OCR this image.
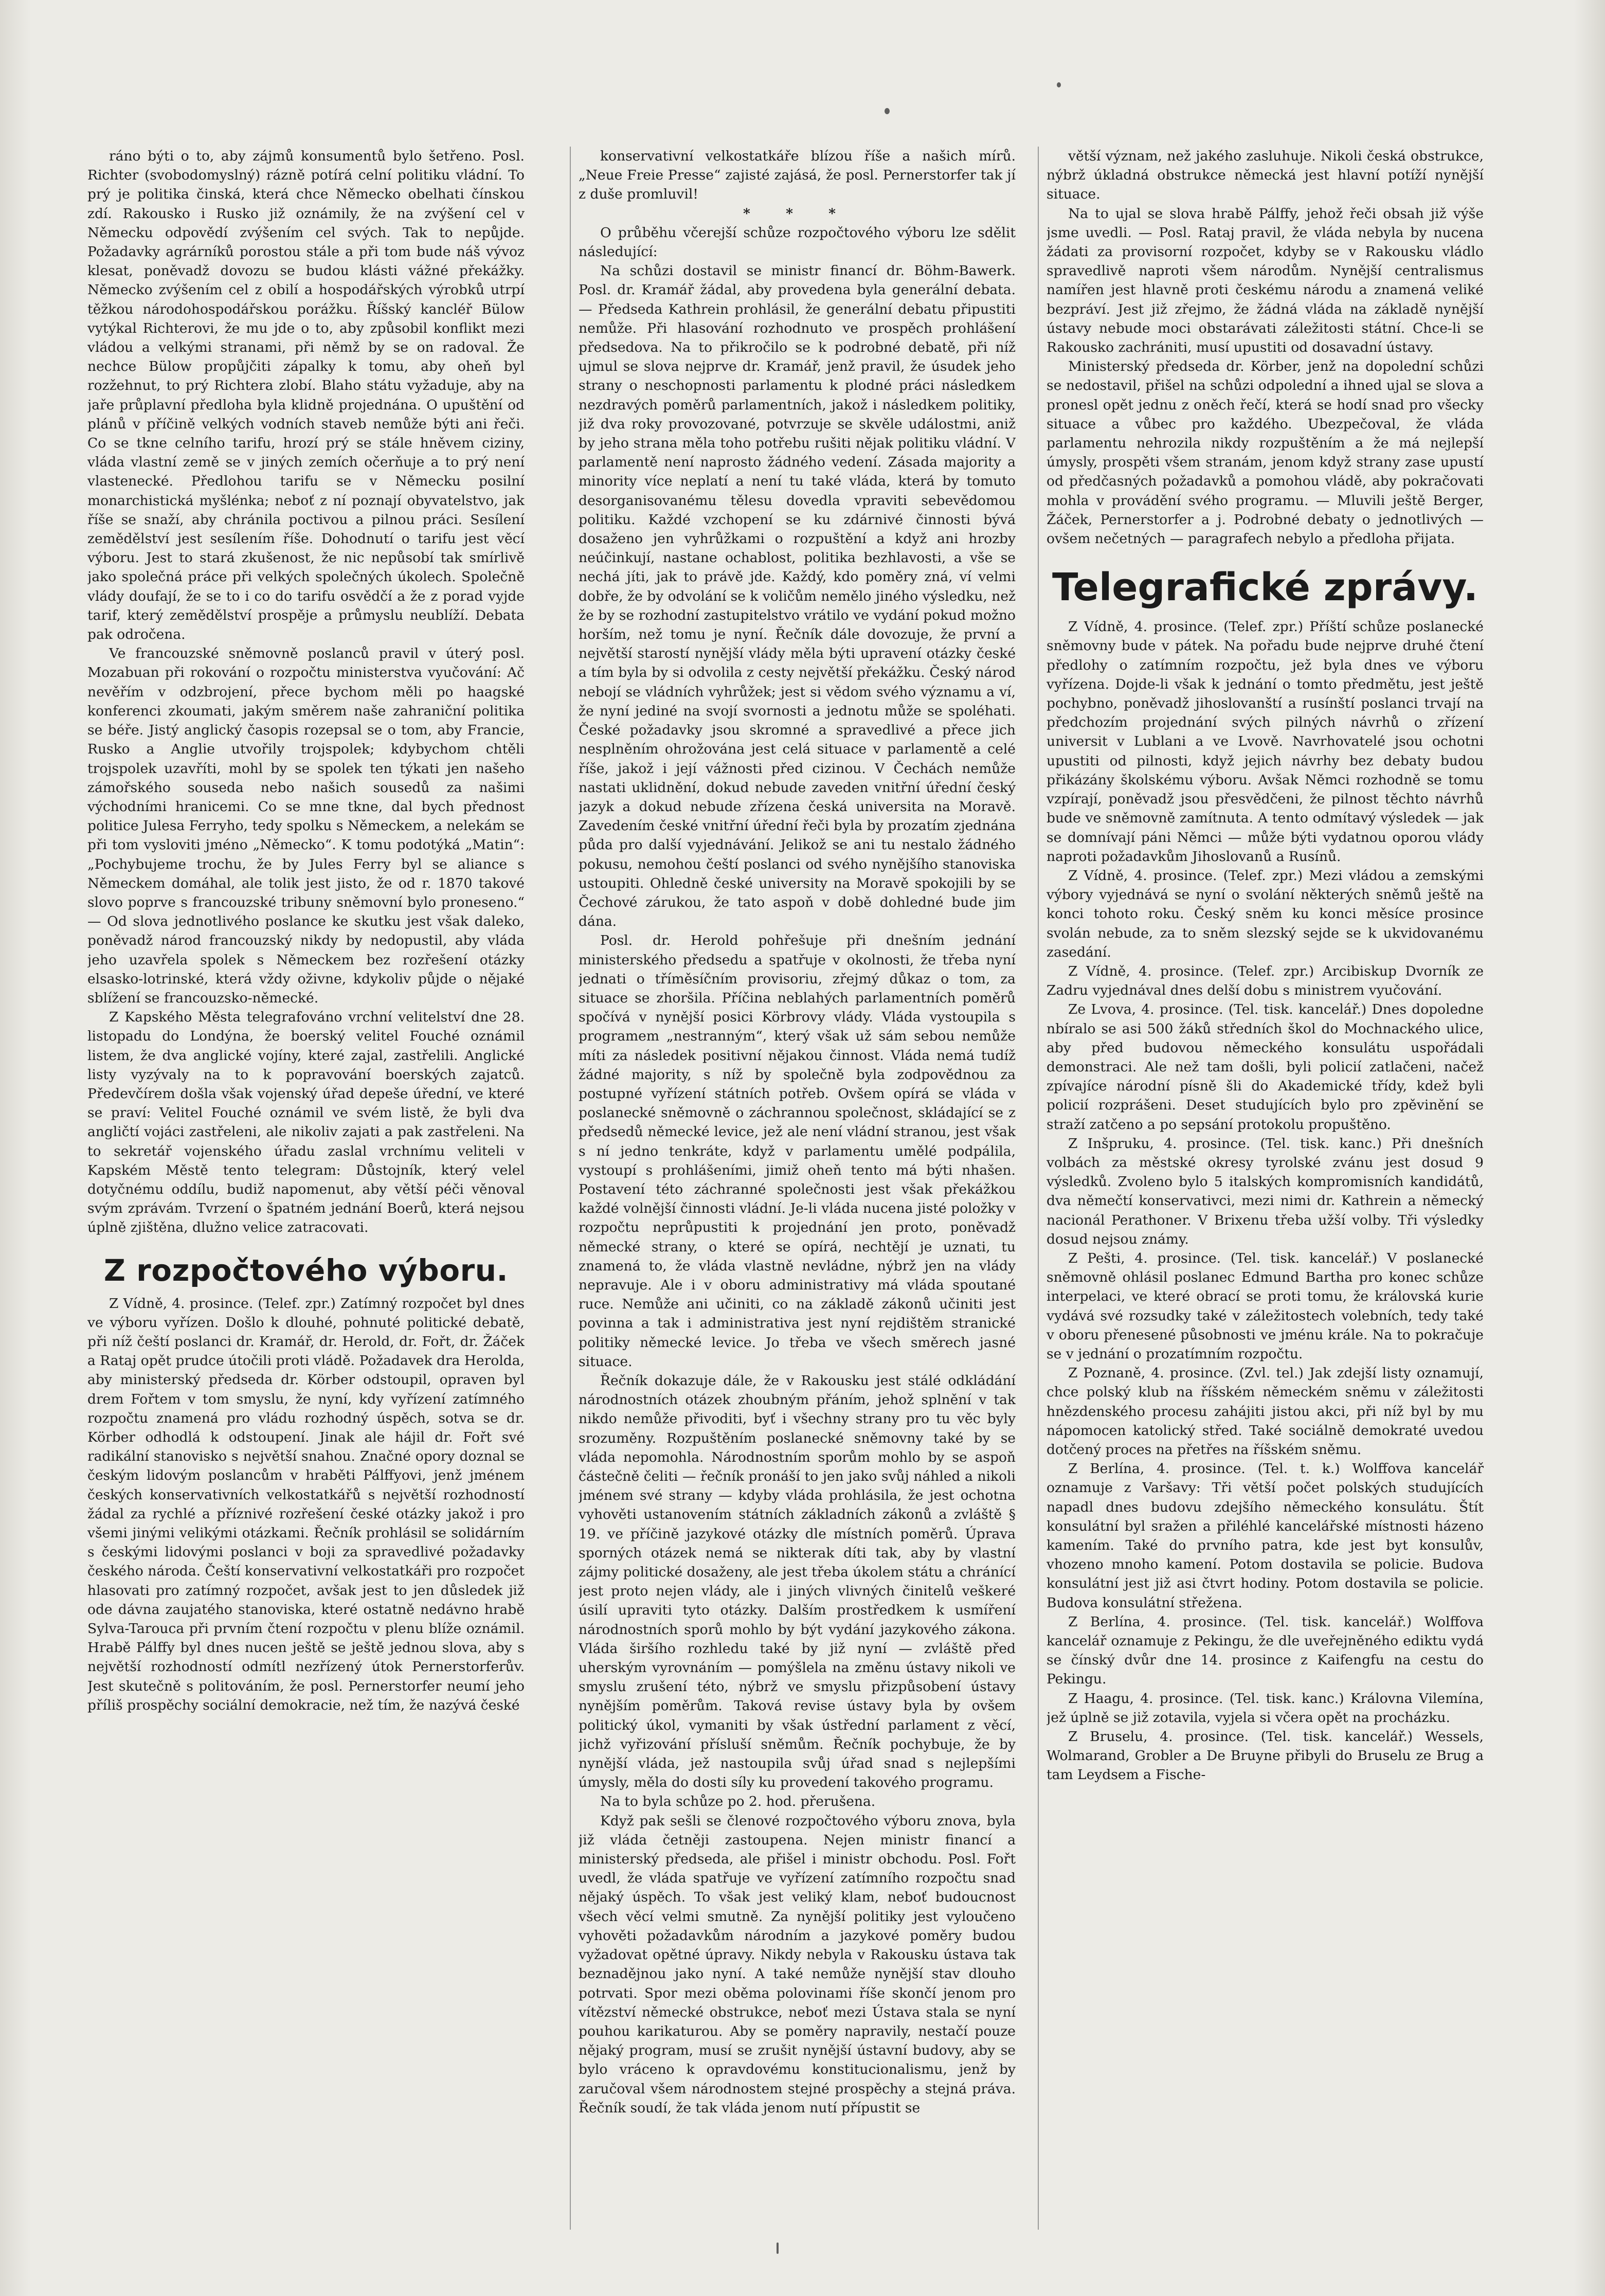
ráno býti o to, aby zájmů konsumentů bylo šetřeno. Posl. Richter (svobodomyslný) rázně potírá celní politiku vládní. To prý je politika činská, která chce Německo obelhati čínskou zdí. Rakousko i Rusko již oznámily, že na zvýšení cel v Německu odpovědí zvýšením cel svých. Tak to nepůjde. Požadavky agrárníků porostou stále a při tom bude náš vývoz klesat, poněvadž dovozu se budou klásti vážné překážky. Německo zvýšením cel z obilí a hospodářských výrobků utrpí těžkou národohospodářskou porážku. Říšský kancléř Bülow vytýkal Richterovi, že mu jde o to, aby způsobil konflikt mezi vládou a velkými stranami, při němž by se on radoval. Že nechce Bülow propůjčiti zápalky k tomu, aby oheň byl rozžehnut, to prý Richtera zlobí. Blaho státu vyžaduje, aby na jaře průplavní předloha byla klidně projednána. O upuštění od plánů v příčině velkých vodních staveb nemůže býti ani řeči. Co se tkne celního tarifu, hrozí prý se stále hněvem ciziny, vláda vlastní země se v jiných zemích očerňuje a to prý není vlastenecké. Předlohou tarifu se v Německu posilní monarchistická myšlénka; neboť z ní poznají obyvatelstvo, jak říše se snaží, aby chránila poctivou a pilnou práci. Sesílení zemědělství jest sesílením říše. Dohodnutí o tarifu jest věcí výboru. Jest to stará zkušenost, že nic nepůsobí tak smírlivě jako společná práce při velkých společných úkolech. Společně vlády doufají, že se to i co do tarifu osvědčí a že z porad vyjde tarif, který zemědělství prospěje a průmyslu neublíží. Debata pak odročena.

Ve francouzské sněmovně poslanců pravil v úterý posl. Mozabuan při rokování o rozpočtu ministerstva vyučování: Ač nevěřím v odzbrojení, přece bychom měli po haagské konferenci zkoumati, jakým směrem naše zahraniční politika se béře. Jistý anglický časopis rozepsal se o tom, aby Francie, Rusko a Anglie utvořily trojspolek; kdybychom chtěli trojspolek uzavříti, mohl by se spolek ten týkati jen našeho zámořského souseda nebo našich sousedů za našimi východními hranicemi. Co se mne tkne, dal bych přednost politice Julesa Ferryho, tedy spolku s Německem, a nelekám se při tom vysloviti jméno „Německo“. K tomu podotýká „Matin“: „Pochybujeme trochu, že by Jules Ferry byl se aliance s Německem domáhal, ale tolik jest jisto, že od r. 1870 takové slovo poprve s francouzské tribuny sněmovní bylo proneseno.“ — Od slova jednotlivého poslance ke skutku jest však daleko, poněvadž národ francouzský nikdy by nedopustil, aby vláda jeho uzavřela spolek s Německem bez rozřešení otázky elsasko-lotrinské, která vždy oživne, kdykoliv půjde o nějaké sblížení se francouzsko-německé.

Z Kapského Města telegrafováno vrchní velitelství dne 28. listopadu do Londýna, že boerský velitel Fouché oznámil listem, že dva anglické vojíny, které zajal, zastřelili. Anglické listy vyzývaly na to k popravování boerských zajatců. Předevčírem došla však vojenský úřad depeše úřední, ve které se praví: Velitel Fouché oznámil ve svém listě, že byli dva angličtí vojáci zastřeleni, ale nikoliv zajati a pak zastřeleni. Na to sekretář vojenského úřadu zaslal vrchnímu veliteli v Kapském Městě tento telegram: Důstojník, který velel dotyčnému oddílu, budiž napomenut, aby větší péči věnoval svým zprávám. Tvrzení o špatném jednání Boerů, která nejsou úplně zjištěna, dlužno velice zatracovati.

Z rozpočtového výboru.

Z Vídně, 4. prosince. (Telef. zpr.) Zatímný rozpočet byl dnes ve výboru vyřízen. Došlo k dlouhé, pohnuté politické debatě, při níž čeští poslanci dr. Kramář, dr. Herold, dr. Fořt, dr. Žáček a Rataj opět prudce útočili proti vládě. Požadavek dra Herolda, aby ministerský předseda dr. Körber odstoupil, opraven byl drem Fořtem v tom smyslu, že nyní, kdy vyřízení zatímného rozpočtu znamená pro vládu rozhodný úspěch, sotva se dr. Körber odhodlá k odstoupení. Jinak ale hájil dr. Fořt své radikální stanovisko s největší snahou. Značné opory doznal se českým lidovým poslancům v hraběti Pálffyovi, jenž jménem českých konservativních velkostatkářů s největší rozhodností žádal za rychlé a příznivé rozřešení české otázky jakož i pro všemi jinými velikými otázkami. Řečník prohlásil se solidárním s českými lidovými poslanci v boji za spravedlivé požadavky českého národa. Čeští konservativní velkostatkáři pro rozpočet hlasovati pro zatímný rozpočet, avšak jest to jen důsledek již ode dávna zaujatého stanoviska, které ostatně nedávno hrabě Sylva-Tarouca při prvním čtení rozpočtu v plenu blíže oznámil. Hrabě Pálffy byl dnes nucen ještě se ještě jednou slova, aby s největší rozhodností odmítl nezřízený útok Pernerstorferův. Jest skutečně s politováním, že posl. Pernerstorfer neumí jeho příliš prospěchy sociální demokracie, než tím, že nazývá české

konservativní velkostatkáře blízou říše a našich mírů. „Neue Freie Presse“ zajisté zajásá, že posl. Pernerstorfer tak jí z duše promluvil!

* * *

O průběhu včerejší schůze rozpočtového výboru lze sdělit následující:

Na schůzi dostavil se ministr financí dr. Böhm-Bawerk. Posl. dr. Kramář žádal, aby provedena byla generální debata. — Předseda Kathrein prohlásil, že generální debatu připustiti nemůže. Při hlasování rozhodnuto ve prospěch prohlášení předsedova. Na to přikročilo se k podrobné debatě, při níž ujmul se slova nejprve dr. Kramář, jenž pravil, že úsudek jeho strany o neschopnosti parlamentu k plodné práci následkem nezdravých poměrů parlamentních, jakož i následkem politiky, již dva roky provozované, potvrzuje se skvěle událostmi, aniž by jeho strana měla toho potřebu rušiti nějak politiku vládní. V parlamentě není naprosto žádného vedení. Zásada majority a minority více neplatí a není tu také vláda, která by tomuto desorganisovanému tělesu dovedla vpraviti sebevědomou politiku. Každé vzchopení se ku zdárnivé činnosti bývá dosaženo jen vyhrůžkami o rozpuštění a když ani hrozby neúčinkují, nastane ochablost, politika bezhlavosti, a vše se nechá jíti, jak to právě jde. Každý, kdo poměry zná, ví velmi dobře, že by odvolání se k voličům nemělo jiného výsledku, než že by se rozhodní zastupitelstvo vrátilo ve vydání pokud možno horším, než tomu je nyní. Řečník dále dovozuje, že první a největší starostí nynější vlády měla býti upravení otázky české a tím byla by si odvolila z cesty největší překážku. Český národ nebojí se vládních vyhrůžek; jest si vědom svého významu a ví, že nyní jediné na svojí svornosti a jednotu může se spoléhati. České požadavky jsou skromné a spravedlivé a přece jich nesplněním ohrožována jest celá situace v parlamentě a celé říše, jakož i její vážnosti před cizinou. V Čechách nemůže nastati uklidnění, dokud nebude zaveden vnitřní úřední český jazyk a dokud nebude zřízena česká universita na Moravě. Zavedením české vnitřní úřední řeči byla by prozatím zjednána půda pro další vyjednávání. Jelikož se ani tu nestalo žádného pokusu, nemohou čeští poslanci od svého nynějšího stanoviska ustoupiti. Ohledně české university na Moravě spokojili by se Čechové zárukou, že tato aspoň v době dohledné bude jim dána.

Posl. dr. Herold pohřešuje při dnešním jednání ministerského předsedu a spatřuje v okolnosti, že třeba nyní jednati o tříměsíčním provisoriu, zřejmý důkaz o tom, za situace se zhoršila. Příčina neblahých parlamentních poměrů spočívá v nynější posici Körbrovy vlády. Vláda vystoupila s programem „nestranným“, který však už sám sebou nemůže míti za následek positivní nějakou činnost. Vláda nemá tudíž žádné majority, s níž by společně byla zodpovědnou za postupné vyřízení státních potřeb. Ovšem opírá se vláda v poslanecké sněmovně o záchrannou společnost, skládající se z předsedů německé levice, jež ale není vládní stranou, jest však s ní jedno tenkráte, když v parlamentu umělé podpálila, vystoupí s prohlášeními, jimiž oheň tento má býti nhašen. Postavení této záchranné společnosti jest však překážkou každé volnější činnosti vládní. Je-li vláda nucena jisté položky v rozpočtu neprůpustiti k projednání jen proto, poněvadž německé strany, o které se opírá, nechtějí je uznati, tu znamená to, že vláda vlastně nevládne, nýbrž jen na vlády nepravuje. Ale i v oboru administrativy má vláda spoutané ruce. Nemůže ani učiniti, co na základě zákonů učiniti jest povinna a tak i administrativa jest nyní rejdištěm stranické politiky německé levice. Jo třeba ve všech směrech jasné situace.

Řečník dokazuje dále, že v Rakousku jest stálé odkládání národnostních otázek zhoubným přáním, jehož splnění v tak nikdo nemůže přivoditi, byť i všechny strany pro tu věc byly srozuměny. Rozpuštěním poslanecké sněmovny také by se vláda nepomohla. Národnostním sporům mohlo by se aspoň částečně čeliti — řečník pronáší to jen jako svůj náhled a nikoli jménem své strany — kdyby vláda prohlásila, že jest ochotna vyhověti ustanovením státních základních zákonů a zvláště § 19. ve příčině jazykové otázky dle místních poměrů. Úprava sporných otázek nemá se nikterak díti tak, aby by vlastní zájmy politické dosaženy, ale jest třeba úkolem státu a chránící jest proto nejen vlády, ale i jiných vlivných činitelů veškeré úsilí upraviti tyto otázky. Dalším prostředkem k usmíření národnostních sporů mohlo by být vydání jazykového zákona. Vláda širšího rozhledu také by již nyní — zvláště před uherským vyrovnáním — pomýšlela na změnu ústavy nikoli ve smyslu zrušení této, nýbrž ve smyslu přizpůsobení ústavy nynějším poměrům. Taková revise ústavy byla by ovšem politický úkol, vymaniti by však ústřední parlament z věcí, jichž vyřizování přísluší sněmům. Řečník pochybuje, že by nynější vláda, jež nastoupila svůj úřad snad s nejlepšími úmysly, měla do dosti síly ku provedení takového programu.

Na to byla schůze po 2. hod. přerušena.

Když pak sešli se členové rozpočtového výboru znova, byla již vláda četněji zastoupena. Nejen ministr financí a ministerský předseda, ale přišel i ministr obchodu. Posl. Fořt uvedl, že vláda spatřuje ve vyřízení zatímního rozpočtu snad nějaký úspěch. To však jest veliký klam, neboť budoucnost všech věcí velmi smutně. Za nynější politiky jest vyloučeno vyhověti požadavkům národním a jazykové poměry budou vyžadovat opětné úpravy. Nikdy nebyla v Rakousku ústava tak beznadějnou jako nyní. A také nemůže nynější stav dlouho potrvati. Spor mezi oběma polovinami říše skončí jenom pro vítězství německé obstrukce, neboť mezi Ústava stala se nyní pouhou karikaturou. Aby se poměry napravily, nestačí pouze nějaký program, musí se zrušit nynější ústavní budovy, aby se bylo vráceno k opravdovému konstitucionalismu, jenž by zaručoval všem národnostem stejné prospěchy a stejná práva. Řečník soudí, že tak vláda jenom nutí přípustit se

větší význam, než jakého zasluhuje. Nikoli česká obstrukce, nýbrž úkladná obstrukce německá jest hlavní potíží nynější situace.

Na to ujal se slova hrabě Pálffy, jehož řeči obsah již výše jsme uvedli. — Posl. Rataj pravil, že vláda nebyla by nucena žádati za provisorní rozpočet, kdyby se v Rakousku vládlo spravedlivě naproti všem národům. Nynější centralismus namířen jest hlavně proti českému národu a znamená veliké bezpráví. Jest již zřejmo, že žádná vláda na základě nynější ústavy nebude moci obstarávati záležitosti státní. Chce-li se Rakousko zachrániti, musí upustiti od dosavadní ústavy.

Ministerský předseda dr. Körber, jenž na dopolední schůzi se nedostavil, přišel na schůzi odpolední a ihned ujal se slova a pronesl opět jednu z oněch řečí, která se hodí snad pro všecky situace a vůbec pro každého. Ubezpečoval, že vláda parlamentu nehrozila nikdy rozpuštěním a že má nejlepší úmysly, prospěti všem stranám, jenom když strany zase upustí od předčasných požadavků a pomohou vládě, aby pokračovati mohla v provádění svého programu. — Mluvili ještě Berger, Žáček, Pernerstorfer a j. Podrobné debaty o jednotlivých — ovšem nečetných — paragrafech nebylo a předloha přijata.

Telegrafické zprávy.

Z Vídně, 4. prosince. (Telef. zpr.) Příští schůze poslanecké sněmovny bude v pátek. Na pořadu bude nejprve druhé čtení předlohy o zatímním rozpočtu, jež byla dnes ve výboru vyřízena. Dojde-li však k jednání o tomto předmětu, jest ještě pochybno, poněvadž jihoslovanští a rusínští poslanci trvají na předchozím projednání svých pilných návrhů o zřízení universit v Lublani a ve Lvově. Navrhovatelé jsou ochotni upustiti od pilnosti, když jejich návrhy bez debaty budou přikázány školskému výboru. Avšak Němci rozhodně se tomu vzpírají, poněvadž jsou přesvědčeni, že pilnost těchto návrhů bude ve sněmovně zamítnuta. A tento odmítavý výsledek — jak se domnívají páni Němci — může býti vydatnou oporou vlády naproti požadavkům Jihoslovanů a Rusínů.

Z Vídně, 4. prosince. (Telef. zpr.) Mezi vládou a zemskými výbory vyjednává se nyní o svolání některých sněmů ještě na konci tohoto roku. Český sněm ku konci měsíce prosince svolán nebude, za to sněm slezský sejde se k ukvidovanému zasedání.

Z Vídně, 4. prosince. (Telef. zpr.) Arcibiskup Dvorník ze Zadru vyjednával dnes delší dobu s ministrem vyučování.

Ze Lvova, 4. prosince. (Tel. tisk. kancelář.) Dnes dopoledne nbíralo se asi 500 žáků středních škol do Mochnackého ulice, aby před budovou německého konsulátu uspořádali demonstraci. Ale než tam došli, byli policií zatlačeni, načež zpívajíce národní písně šli do Akademické třídy, kdež byli policií rozprášeni. Deset studujících bylo pro zpěvinění se straží zatčeno a po sepsání protokolu propuštěno.

Z Inšpruku, 4. prosince. (Tel. tisk. kanc.) Při dnešních volbách za městské okresy tyrolské zvánu jest dosud 9 výsledků. Zvoleno bylo 5 italských kompromisních kandidátů, dva němečtí konservativci, mezi nimi dr. Kathrein a německý nacionál Perathoner. V Brixenu třeba užší volby. Tři výsledky dosud nejsou známy.

Z Pešti, 4. prosince. (Tel. tisk. kancelář.) V poslanecké sněmovně ohlásil poslanec Edmund Bartha pro konec schůze interpelaci, ve které obrací se proti tomu, že královská kurie vydává své rozsudky také v záležitostech volebních, tedy také v oboru přenesené působnosti ve jménu krále. Na to pokračuje se v jednání o prozatímním rozpočtu.

Z Poznaně, 4. prosince. (Zvl. tel.) Jak zdejší listy oznamují, chce polský klub na říšském německém sněmu v záležitosti hnězdenského procesu zahájiti jistou akci, při níž byl by mu nápomocen katolický střed. Také sociálně demokraté uvedou dotčený proces na přetřes na říšském sněmu.

Z Berlína, 4. prosince. (Tel. t. k.) Wolffova kancelář oznamuje z Varšavy: Tři větší počet polských studujících napadl dnes budovu zdejšího německého konsulátu. Štít konsulátní byl sražen a přiléhlé kancelářské místnosti házeno kamením. Také do prvního patra, kde jest byt konsulův, vhozeno mnoho kamení. Potom dostavila se policie. Budova konsulátní jest již asi čtvrt hodiny. Potom dostavila se policie. Budova konsulátní střežena.

Z Berlína, 4. prosince. (Tel. tisk. kancelář.) Wolffova kancelář oznamuje z Pekingu, že dle uveřejněného ediktu vydá se čínský dvůr dne 14. prosince z Kaifengfu na cestu do Pekingu.

Z Haagu, 4. prosince. (Tel. tisk. kanc.) Královna Vilemína, jež úplně se již zotavila, vyjela si včera opět na procházku.

Z Bruselu, 4. prosince. (Tel. tisk. kancelář.) Wessels, Wolmarand, Grobler a De Bruyne přibyli do Bruselu ze Brug a tam Leydsem a Fische-
